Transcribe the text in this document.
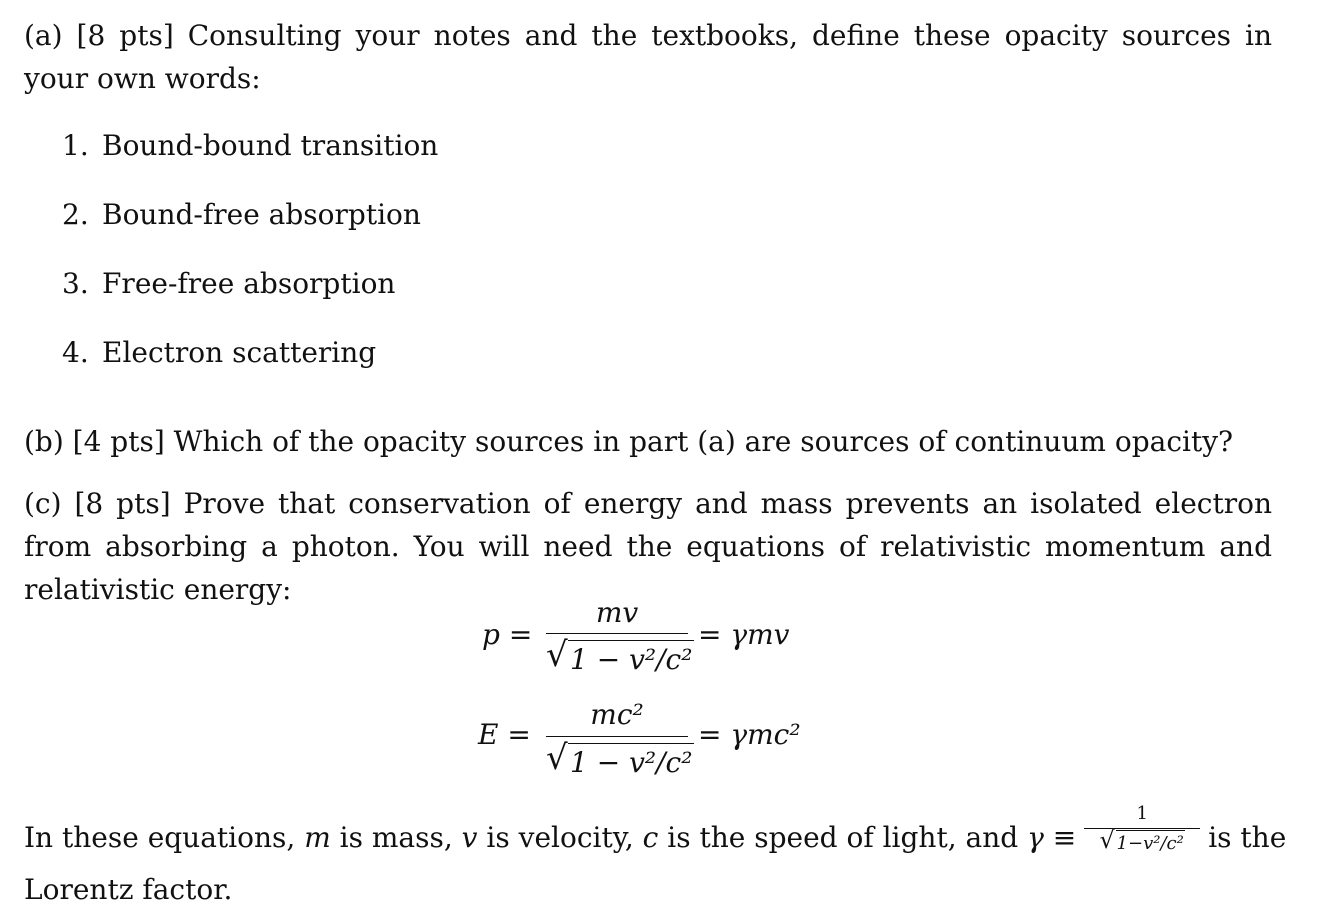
(a) [8 pts] Consulting your notes and the textbooks, define these opacity sources in your own words:
1. Bound-bound transition
2. Bound-free absorption
3. Free-free absorption
4. Electron scattering
(b) [4 pts] Which of the opacity sources in part (a) are sources of continuum opacity?
(c) [8 pts] Prove that conservation of energy and mass prevents an isolated electron from absorbing a photon. You will need the equations of relativistic momentum and relativistic energy:
p =
mv
√ 1 − v²/c²
= γmv
E =
mc²
√ 1 − v²/c²
= γmc²
In these equations, m is mass, v is velocity, c is the speed of light, and $\gamma \equiv \frac{1}{\text{√ 1−v²/c²}}$ is the
Lorentz factor.
